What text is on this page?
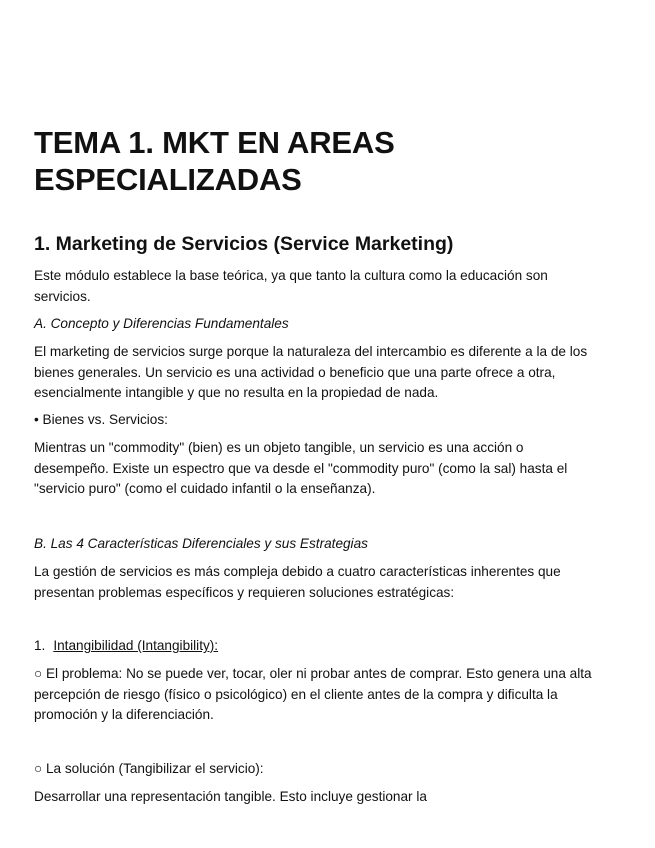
TEMA 1. MKT EN AREAS
ESPECIALIZADAS
1. Marketing de Servicios (Service Marketing)

Este módulo establece la base teórica, ya que tanto la cultura como la educación son
servicios.

A. Concepto y Diferencias Fundamentales

El marketing de servicios surge porque la naturaleza del intercambio es diferente a la de los
bienes generales. Un servicio es una actividad o beneficio que una parte ofrece a otra,
esencialmente intangible y que no resulta en la propiedad de nada.

• Bienes vs. Servicios:

Mientras un "commodity" (bien) es un objeto tangible, un servicio es una acción o
desempeño. Existe un espectro que va desde el "commodity puro" (como la sal) hasta el
"servicio puro" (como el cuidado infantil o la enseñanza).

B. Las 4 Características Diferenciales y sus Estrategias

La gestión de servicios es más compleja debido a cuatro características inherentes que
presentan problemas específicos y requieren soluciones estratégicas:

1. Intangibilidad (Intangibility):

○ El problema: No se puede ver, tocar, oler ni probar antes de comprar. Esto genera una alta
percepción de riesgo (físico o psicológico) en el cliente antes de la compra y dificulta la
promoción y la diferenciación.

○ La solución (Tangibilizar el servicio):

Desarrollar una representación tangible. Esto incluye gestionar la
